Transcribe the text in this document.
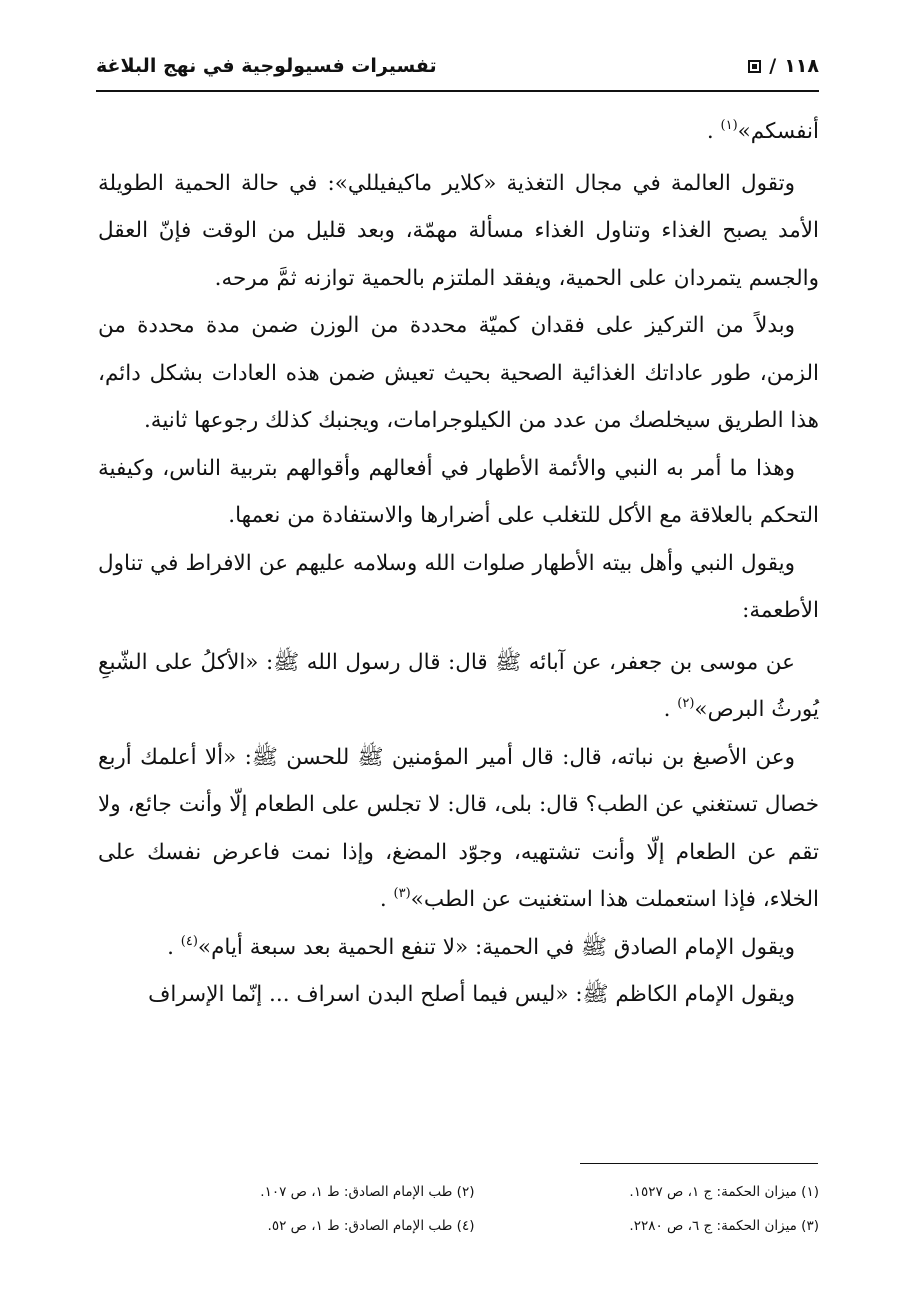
١١٨
/
تفسيرات فسيولوجية في نهج البلاغة

أنفسكم»$^{(١)}$ .

وتقول العالمة في مجال التغذية «كلاير ماكيفيللي»: في حالة الحمية الطويلة الأمد يصبح الغذاء وتناول الغذاء مسألة مهمّة، وبعد قليل من الوقت فإنّ العقل والجسم يتمردان على الحمية، ويفقد الملتزم بالحمية توازنه ثمَّ مرحه.

وبدلاً من التركيز على فقدان كميّة محددة من الوزن ضمن مدة محددة من الزمن، طور عاداتك الغذائية الصحية بحيث تعيش ضمن هذه العادات بشكل دائم، هذا الطريق سيخلصك من عدد من الكيلوجرامات، ويجنبك كذلك رجوعها ثانية.

وهذا ما أمر به النبي والأئمة الأطهار في أفعالهم وأقوالهم بتربية الناس، وكيفية التحكم بالعلاقة مع الأكل للتغلب على أضرارها والاستفادة من نعمها.

ويقول النبي وأهل بيته الأطهار صلوات الله وسلامه عليهم عن الافراط في تناول الأطعمة:

عن موسى بن جعفر، عن آبائه ﷺ قال: قال رسول الله ﷺ: «الأكلُ على الشّبعِ يُورثُ البرص»$^{(٢)}$ .

وعن الأصبغ بن نباته، قال: قال أمير المؤمنين ﷺ للحسن ﷺ: «ألا أعلمك أربع خصال تستغني عن الطب؟ قال: بلى، قال: لا تجلس على الطعام إلّا وأنت جائع، ولا تقم عن الطعام إلّا وأنت تشتهيه، وجوّد المضغ، وإذا نمت فاعرض نفسك على الخلاء، فإذا استعملت هذا استغنيت عن الطب»$^{(٣)}$ .

ويقول الإمام الصادق ﷺ في الحمية: «لا تنفع الحمية بعد سبعة أيام»$^{(٤)}$ .

ويقول الإمام الكاظم ﷺ: «ليس فيما أصلح البدن اسراف ... إنّما الإسراف

(١) ميزان الحكمة: ج ١، ص ١٥٢٧.
(٢) طب الإمام الصادق: ط ١، ص ١٠٧.
(٣) ميزان الحكمة: ج ٦، ص ٢٢٨٠.
(٤) طب الإمام الصادق: ط ١، ص ٥٢.
